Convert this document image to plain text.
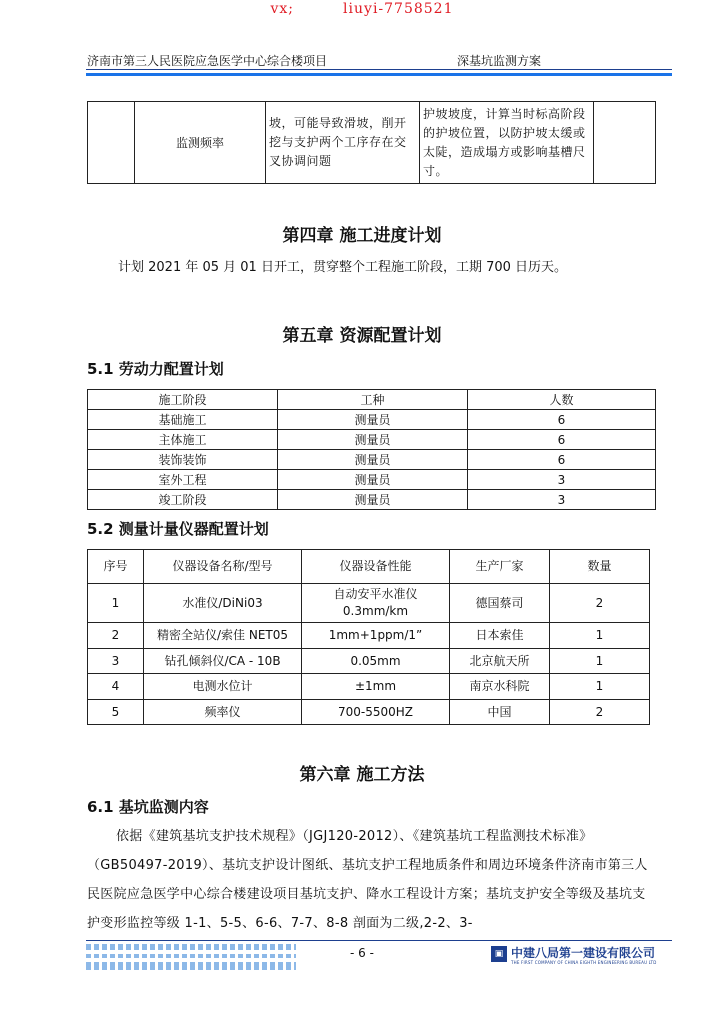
vx;         liuyi-7758521
济南市第三人民医院应急医学中心综合楼项目	深基坑监测方案
	监测频率	坡，可能导致滑坡，削开挖与支护两个工序存在交叉协调问题	护坡坡度，计算当时标高阶段的护坡位置，以防护坡太缓或太陡，造成塌方或影响基槽尺寸。	
第四章 施工进度计划
计划 2021 年 05 月 01 日开工，贯穿整个工程施工阶段，工期 700 日历天。
第五章 资源配置计划
5.1 劳动力配置计划
施工阶段	工种	人数
基础施工	测量员	6
主体施工	测量员	6
装饰装饰	测量员	6
室外工程	测量员	3
竣工阶段	测量员	3
5.2 测量计量仪器配置计划
序号	仪器设备名称/型号	仪器设备性能	生产厂家	数量
1	水准仪/DiNi03	自动安平水准仪 0.3mm/km	德国蔡司	2
2	精密全站仪/索佳 NET05	1mm+1ppm/1”	日本索佳	1
3	钻孔倾斜仪/CA - 10B	0.05mm	北京航天所	1
4	电测水位计	±1mm	南京水科院	1
5	频率仪	700-5500HZ	中国	2
第六章 施工方法
6.1 基坑监测内容
依据《建筑基坑支护技术规程》（JGJ120-2012）、《建筑基坑工程监测技术标准》（GB50497-2019）、基坑支护设计图纸、基坑支护工程地质条件和周边环境条件济南市第三人民医院应急医学中心综合楼建设项目基坑支护、降水工程设计方案；基坑支护安全等级及基坑支护变形监控等级 1-1、5-5、6-6、7-7、8-8 剖面为二级,2-2、3-
- 6 -	▣ 中建八局第一建设有限公司
THE FIRST COMPANY OF CHINA EIGHTH ENGINEERING BUREAU LTD
